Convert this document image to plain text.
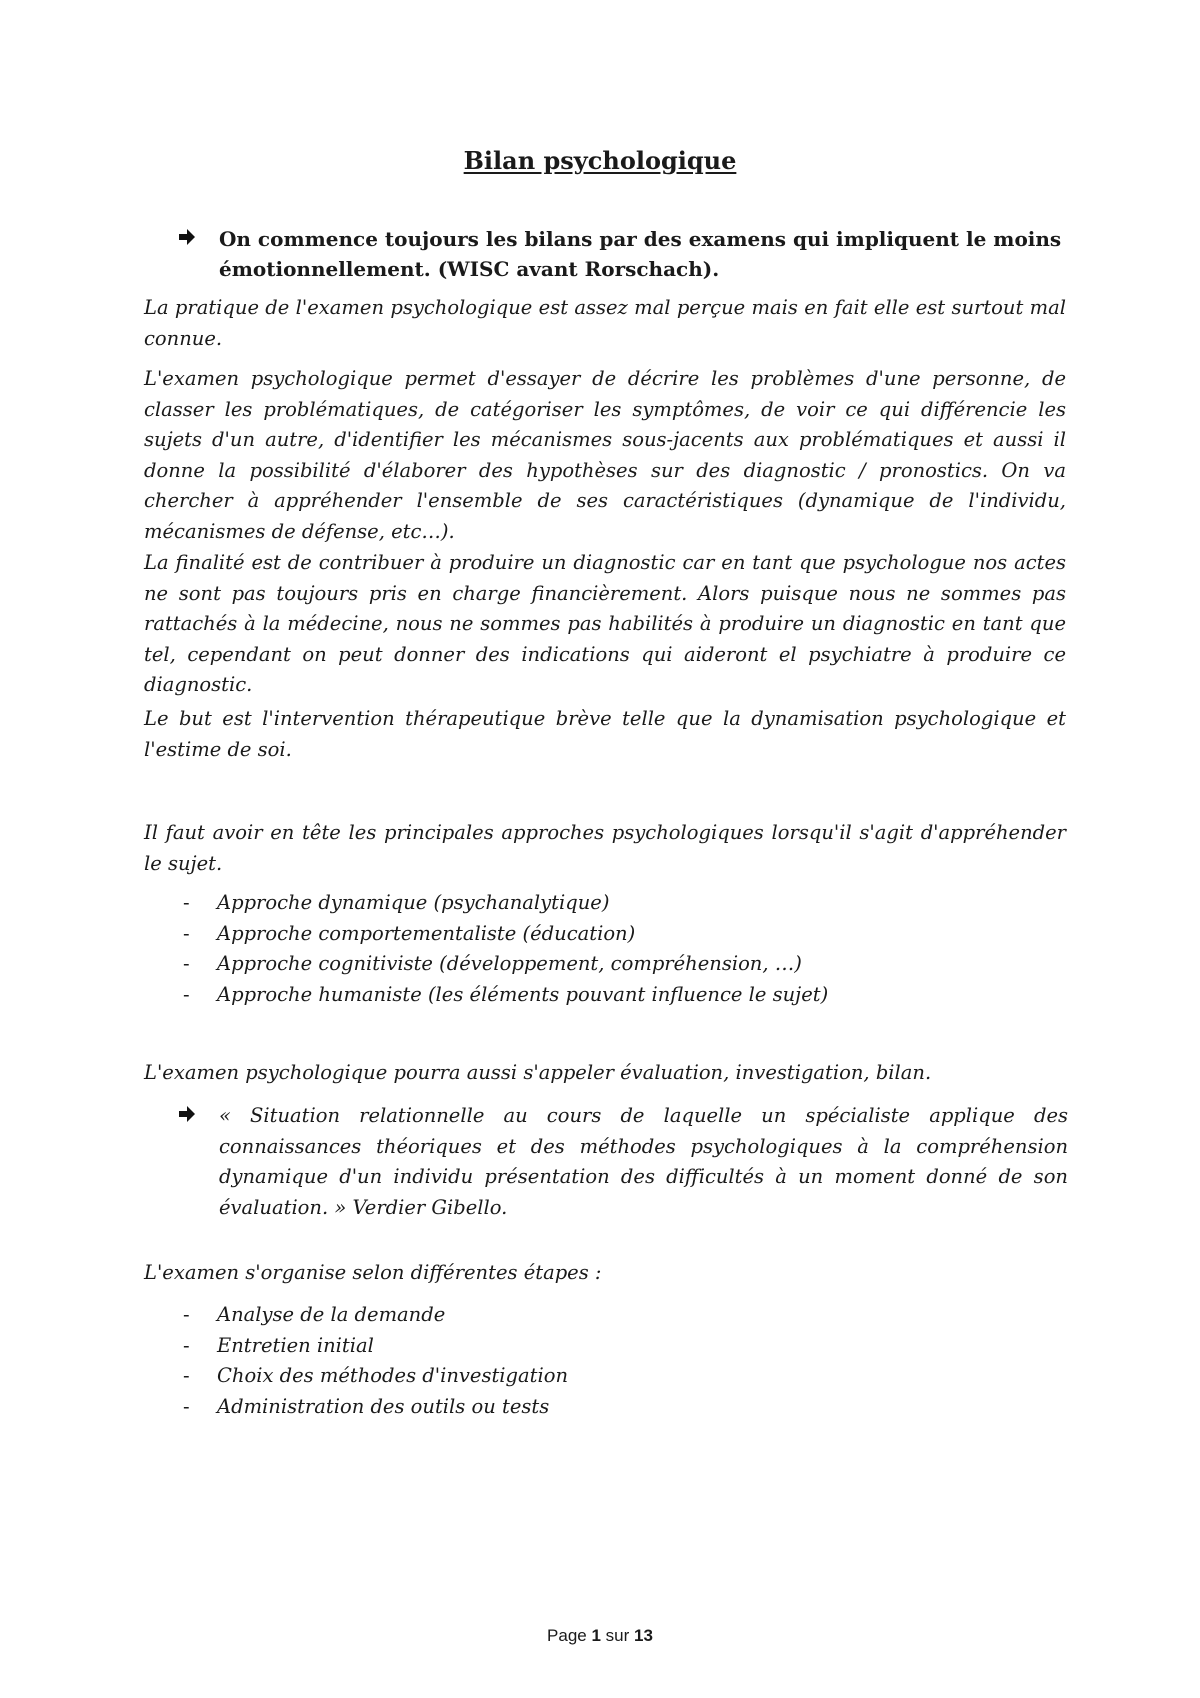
Bilan psychologique
On commence toujours les bilans par des examens qui impliquent le moins émotionnellement. (WISC avant Rorschach).
La pratique de l'examen psychologique est assez mal perçue mais en fait elle est surtout mal connue.
L'examen psychologique permet d'essayer de décrire les problèmes d'une personne, de classer les problématiques, de catégoriser les symptômes, de voir ce qui différencie les sujets d'un autre, d'identifier les mécanismes sous-jacents aux problématiques et aussi il donne la possibilité d'élaborer des hypothèses sur des diagnostic / pronostics. On va chercher à appréhender l'ensemble de ses caractéristiques (dynamique de l'individu, mécanismes de défense, etc…).
La finalité est de contribuer à produire un diagnostic car en tant que psychologue nos actes ne sont pas toujours pris en charge financièrement. Alors puisque nous ne sommes pas rattachés à la médecine, nous ne sommes pas habilités à produire un diagnostic en tant que tel, cependant on peut donner des indications qui aideront el psychiatre à produire ce diagnostic.
Le but est l'intervention thérapeutique brève telle que la dynamisation psychologique et l'estime de soi.
Il faut avoir en tête les principales approches psychologiques lorsqu'il s'agit d'appréhender le sujet.
- Approche dynamique (psychanalytique)
- Approche comportementaliste (éducation)
- Approche cognitiviste (développement, compréhension, …)
- Approche humaniste (les éléments pouvant influence le sujet)
L'examen psychologique pourra aussi s'appeler évaluation, investigation, bilan.
« Situation relationnelle au cours de laquelle un spécialiste applique des connaissances théoriques et des méthodes psychologiques à la compréhension dynamique d'un individu présentation des difficultés à un moment donné de son évaluation. » Verdier Gibello.
L'examen s'organise selon différentes étapes :
- Analyse de la demande
- Entretien initial
- Choix des méthodes d'investigation
- Administration des outils ou tests
Page 1 sur 13
